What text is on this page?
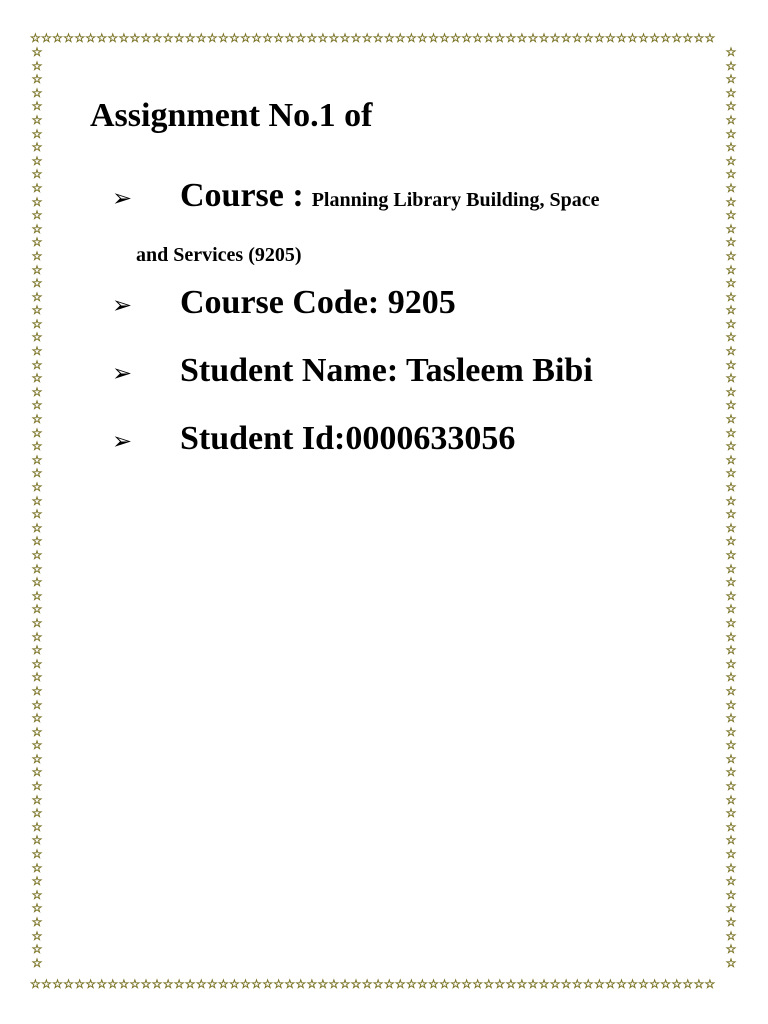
☆☆☆☆☆☆☆☆☆☆☆☆☆☆☆☆☆☆☆☆☆☆☆☆☆☆☆☆☆☆☆☆☆☆☆☆☆☆☆☆☆☆☆☆☆☆☆☆☆☆☆☆☆☆☆☆☆☆☆☆☆☆
☆☆☆☆☆☆☆☆☆☆☆☆☆☆☆☆☆☆☆☆☆☆☆☆☆☆☆☆☆☆☆☆☆☆☆☆☆☆☆☆☆☆☆☆☆☆☆☆☆☆☆☆☆☆☆☆☆☆☆☆☆☆
☆☆☆☆☆☆☆☆☆☆☆☆☆☆☆☆☆☆☆☆☆☆☆☆☆☆☆☆☆☆☆☆☆☆☆☆☆☆☆☆☆☆☆☆☆☆☆☆☆☆☆☆☆☆☆☆☆☆☆☆☆☆☆☆☆☆☆☆
☆☆☆☆☆☆☆☆☆☆☆☆☆☆☆☆☆☆☆☆☆☆☆☆☆☆☆☆☆☆☆☆☆☆☆☆☆☆☆☆☆☆☆☆☆☆☆☆☆☆☆☆☆☆☆☆☆☆☆☆☆☆☆☆☆☆☆☆
Assignment No.1 of
➢	Course : Planning Library Building, Space
and Services (9205)
➢	Course Code: 9205
➢	Student Name: Tasleem Bibi
➢	Student Id:0000633056
